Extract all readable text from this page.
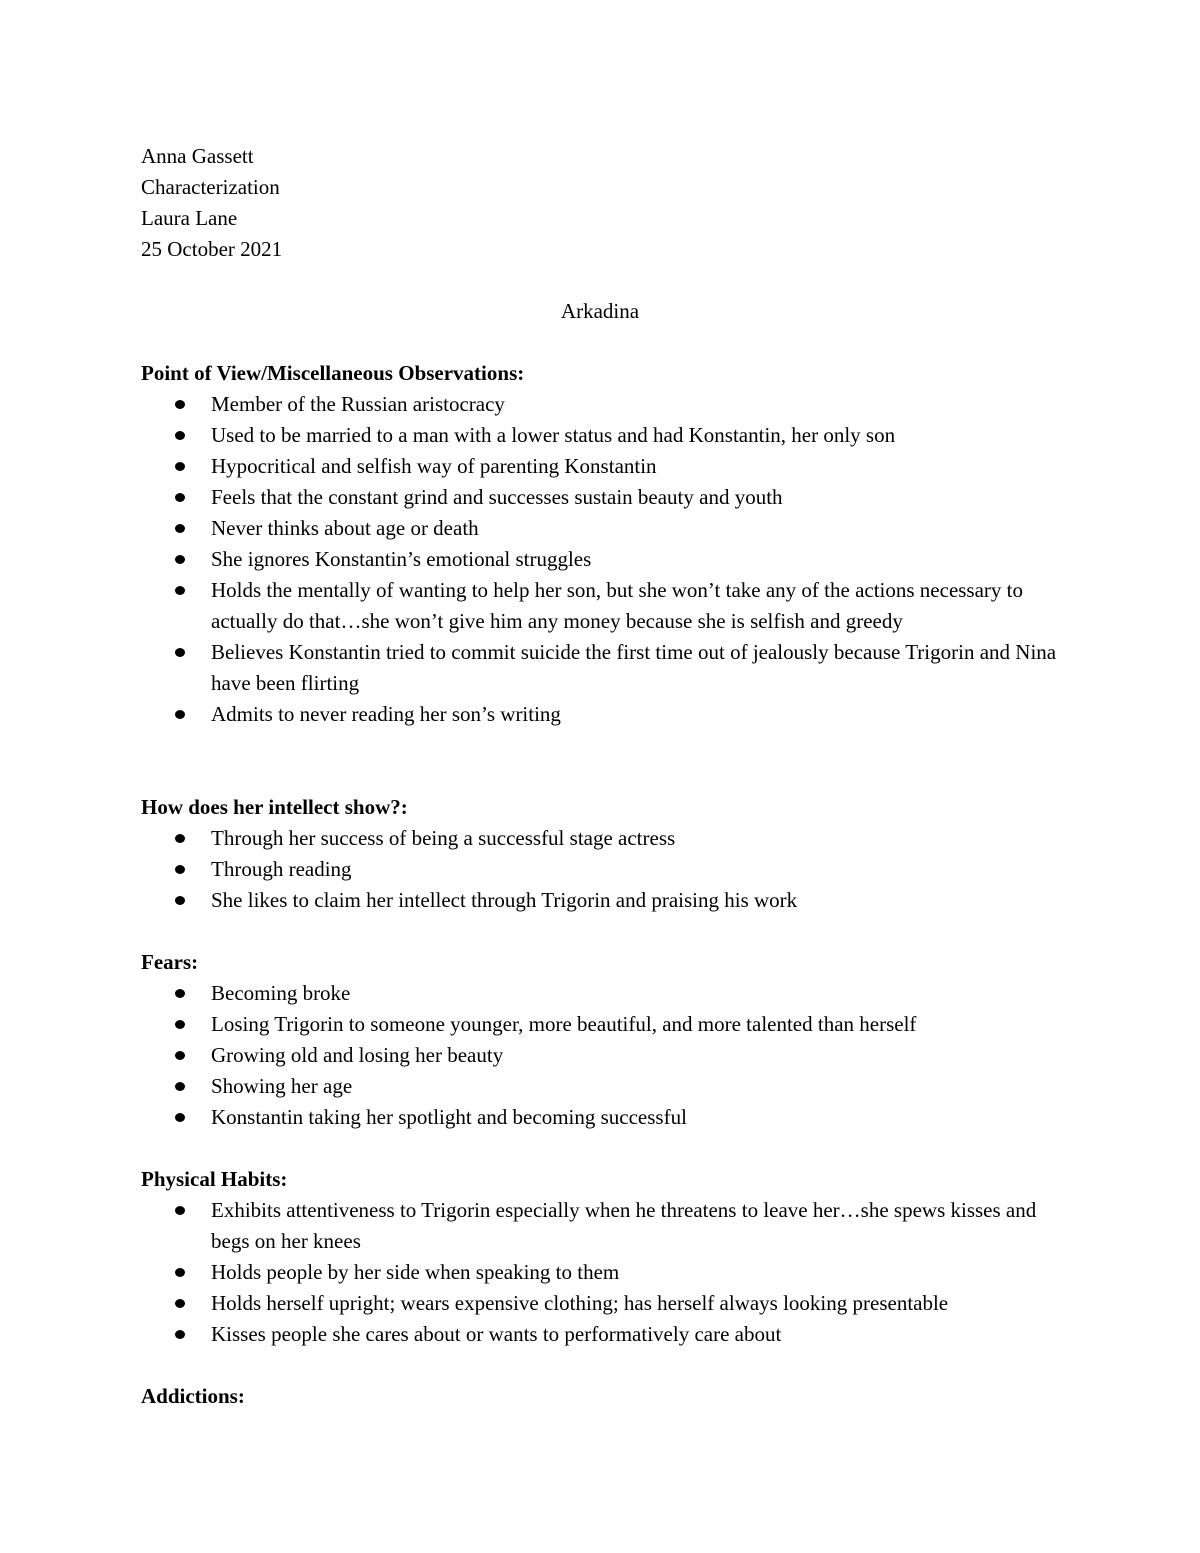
Anna Gassett
Characterization
Laura Lane
25 October 2021
Arkadina
Point of View/Miscellaneous Observations:
Member of the Russian aristocracy
Used to be married to a man with a lower status and had Konstantin, her only son
Hypocritical and selfish way of parenting Konstantin
Feels that the constant grind and successes sustain beauty and youth
Never thinks about age or death
She ignores Konstantin’s emotional struggles
Holds the mentally of wanting to help her son, but she won’t take any of the actions necessary to actually do that…she won’t give him any money because she is selfish and greedy
Believes Konstantin tried to commit suicide the first time out of jealously because Trigorin and Nina have been flirting
Admits to never reading her son’s writing
How does her intellect show?:
Through her success of being a successful stage actress
Through reading
She likes to claim her intellect through Trigorin and praising his work
Fears:
Becoming broke
Losing Trigorin to someone younger, more beautiful, and more talented than herself
Growing old and losing her beauty
Showing her age
Konstantin taking her spotlight and becoming successful
Physical Habits:
Exhibits attentiveness to Trigorin especially when he threatens to leave her…she spews kisses and begs on her knees
Holds people by her side when speaking to them
Holds herself upright; wears expensive clothing; has herself always looking presentable
Kisses people she cares about or wants to performatively care about
Addictions:
